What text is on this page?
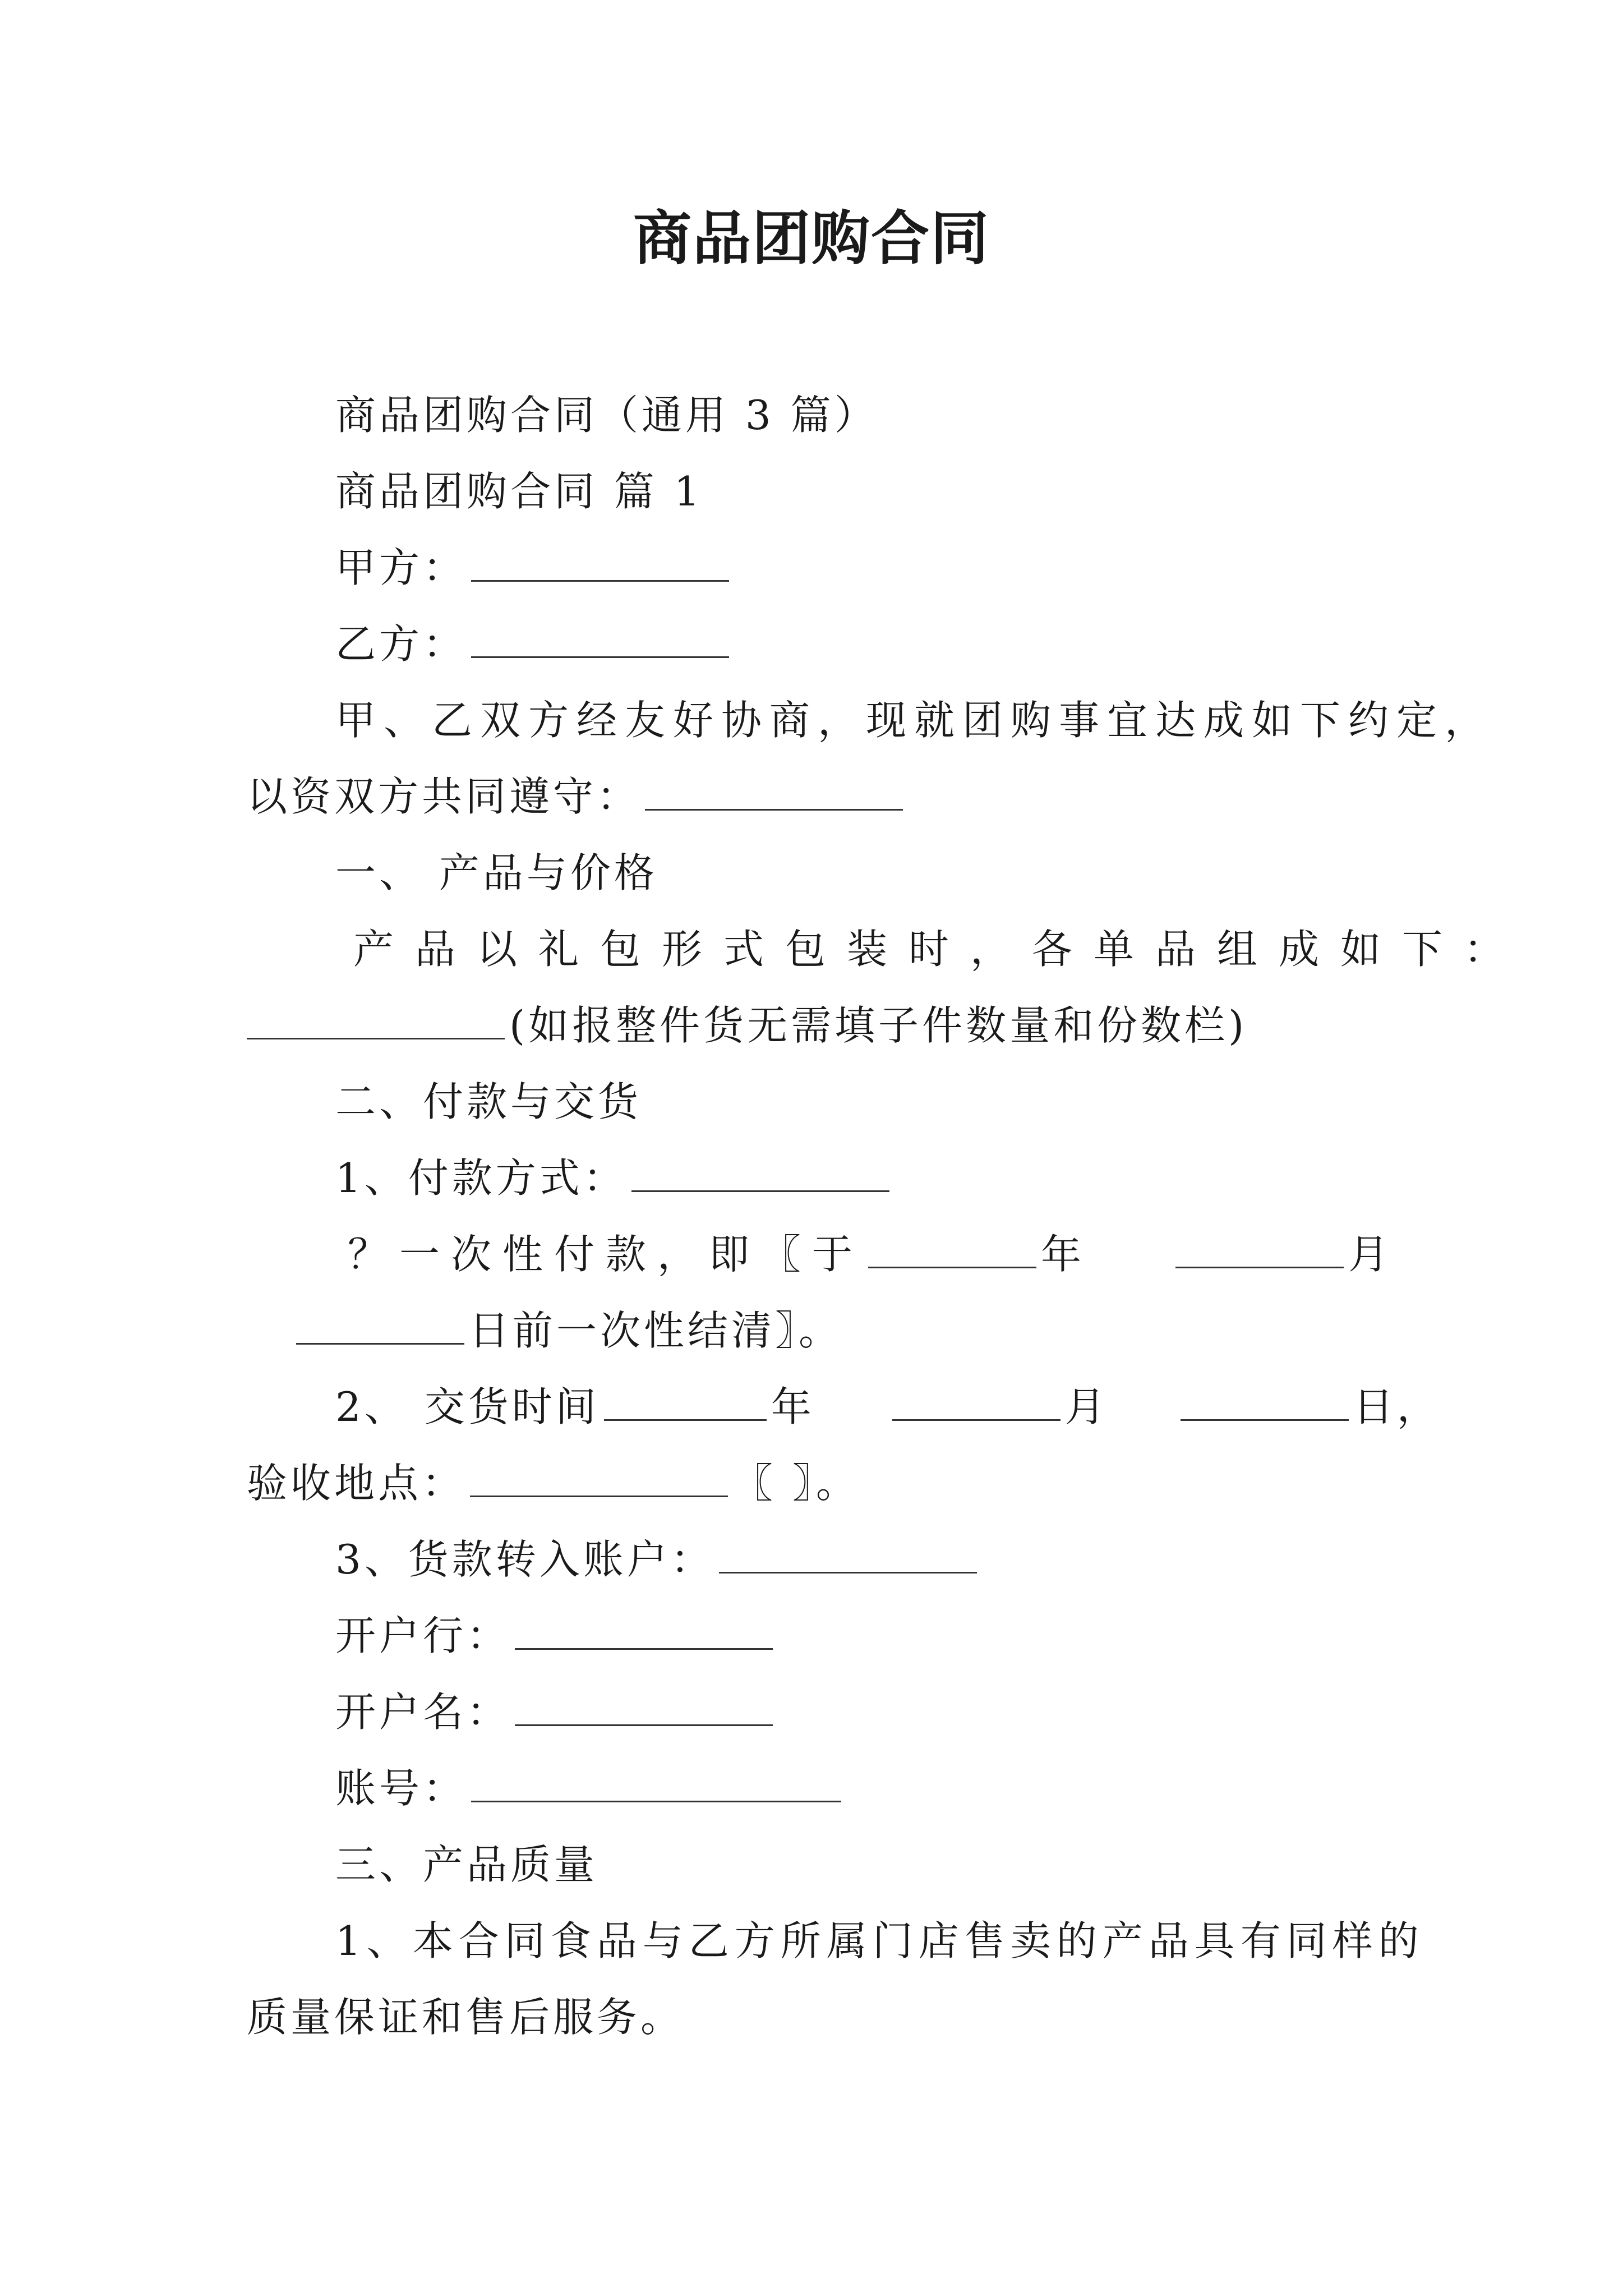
商品团购合同
商品团购合同（通用 3 篇）
商品团购合同 篇 1
甲方：
乙方：
甲、乙双方经友好协商，现就团购事宜达成如下约定，
以资双方共同遵守：
一、 产品与价格
产品以礼包形式包装时，各单品组成如下：
(如报整件货无需填子件数量和份数栏)
二、付款与交货
1、付款方式：
？一次性付款，即〖于	年	月
日前一次性结清〗。
2、 交货时间	年	月	日，
验收地点：	〖 〗。
3、货款转入账户：
开户行：
开户名：
账号：
三、产品质量
1、本合同食品与乙方所属门店售卖的产品具有同样的
质量保证和售后服务。
